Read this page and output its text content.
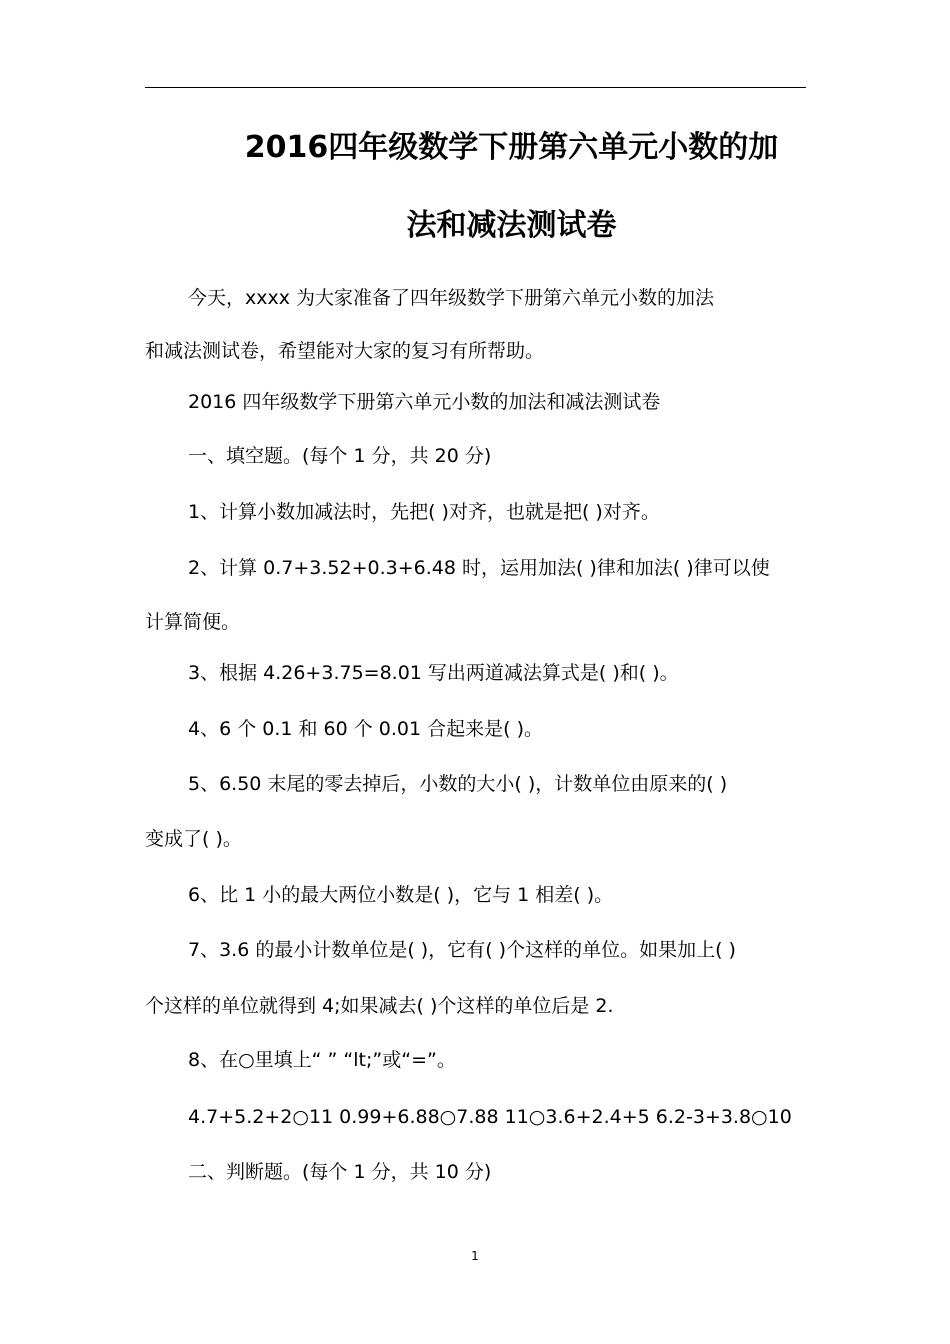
2016四年级数学下册第六单元小数的加
法和减法测试卷
今天，xxxx 为大家准备了四年级数学下册第六单元小数的加法
和减法测试卷，希望能对大家的复习有所帮助。
2016 四年级数学下册第六单元小数的加法和减法测试卷
一、填空题。(每个 1 分，共 20 分)
1、计算小数加减法时，先把( )对齐，也就是把( )对齐。
2、计算 0.7+3.52+0.3+6.48 时，运用加法( )律和加法( )律可以使
计算简便。
3、根据 4.26+3.75=8.01 写出两道减法算式是( )和( )。
4、6 个 0.1 和 60 个 0.01 合起来是( )。
5、6.50 末尾的零去掉后，小数的大小( )，计数单位由原来的( )
变成了( )。
6、比 1 小的最大两位小数是( )，它与 1 相差( )。
7、3.6 的最小计数单位是( )，它有( )个这样的单位。如果加上( )
个这样的单位就得到 4;如果减去( )个这样的单位后是 2.
8、在○里填上“ ” “lt;”或“=”。
4.7+5.2+2○11 0.99+6.88○7.88 11○3.6+2.4+5 6.2-3+3.8○10
二、判断题。(每个 1 分，共 10 分)
1
